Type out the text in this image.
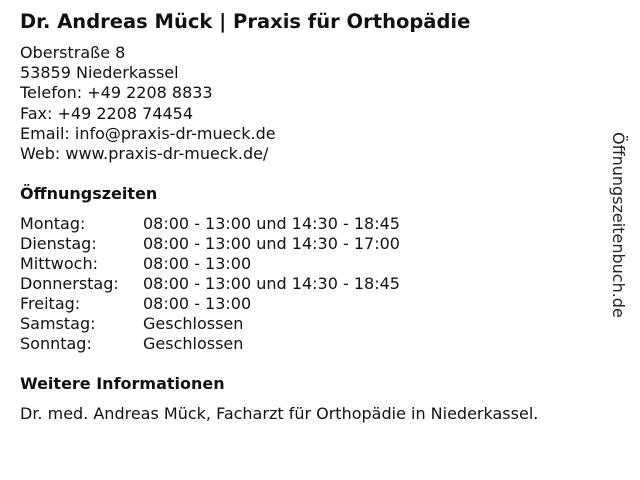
Dr. Andreas Mück | Praxis für Orthopädie
Oberstraße 8
53859 Niederkassel
Telefon: +49 2208 8833
Fax: +49 2208 74454
Email: info@praxis-dr-mueck.de
Web: www.praxis-dr-mueck.de/
Öffnungszeiten
Montag:	08:00 - 13:00 und 14:30 - 18:45
Dienstag:	08:00 - 13:00 und 14:30 - 17:00
Mittwoch:	08:00 - 13:00
Donnerstag:	08:00 - 13:00 und 14:30 - 18:45
Freitag:	08:00 - 13:00
Samstag:	Geschlossen
Sonntag:	Geschlossen
Weitere Informationen
Dr. med. Andreas Mück, Facharzt für Orthopädie in Niederkassel.
Öffnungszeitenbuch.de
